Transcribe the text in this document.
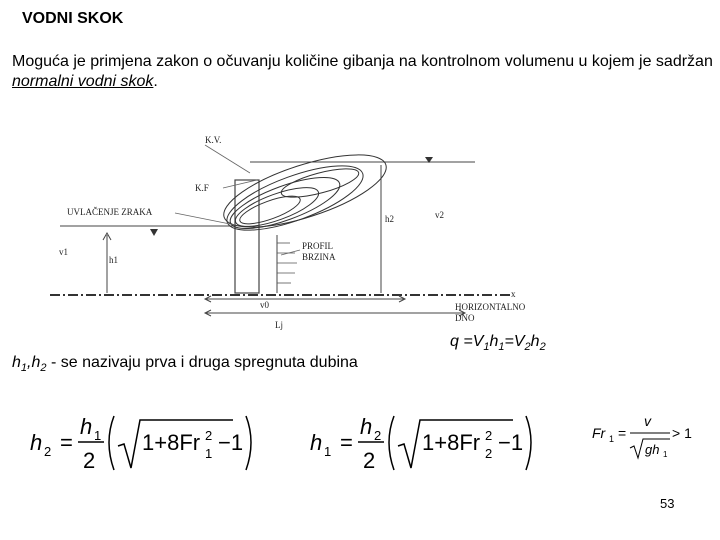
VODNI SKOK
Moguća je primjena zakon o očuvanju količine gibanja na kontrolnom volumenu u kojem je sadržan normalni vodni skok.
K.V.
K.F
UVLAČENJE ZRAKA
v1
h1
h2	v2
PROFIL
BRZINA
v0
Lj
x
HORIZONTALNO
DNO
$q =V_1h_1=V_2h_2$
$h_1,h_2$ - se nazivaju prva i druga spregnuta dubina
h 2 =
h 1
2
1+8Fr 2
1 −1	h 1 =
h 2
2
1+8Fr 2
2 −1	Fr 1 =
v
gh 1
> 1
53
